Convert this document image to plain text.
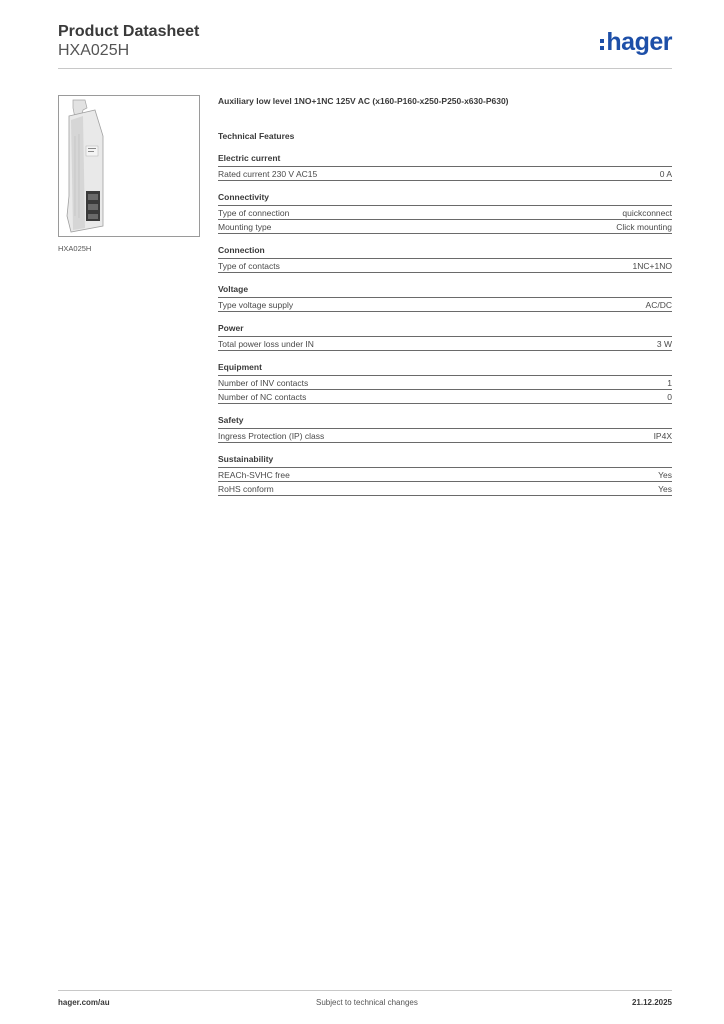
Product Datasheet
HXA025H	hager
HXA025H
Auxiliary low level 1NO+1NC 125V AC (x160-P160-x250-P250-x630-P630)
Technical Features
Electric current
Rated current 230 V AC15	0 A
Connectivity
Type of connection	quickconnect
Mounting type	Click mounting
Connection
Type of contacts	1NC+1NO
Voltage
Type voltage supply	AC/DC
Power
Total power loss under IN	3 W
Equipment
Number of INV contacts	1
Number of NC contacts	0
Safety
Ingress Protection (IP) class	IP4X
Sustainability
REACh-SVHC free	Yes
RoHS conform	Yes
hager.com/au	Subject to technical changes	21.12.2025
